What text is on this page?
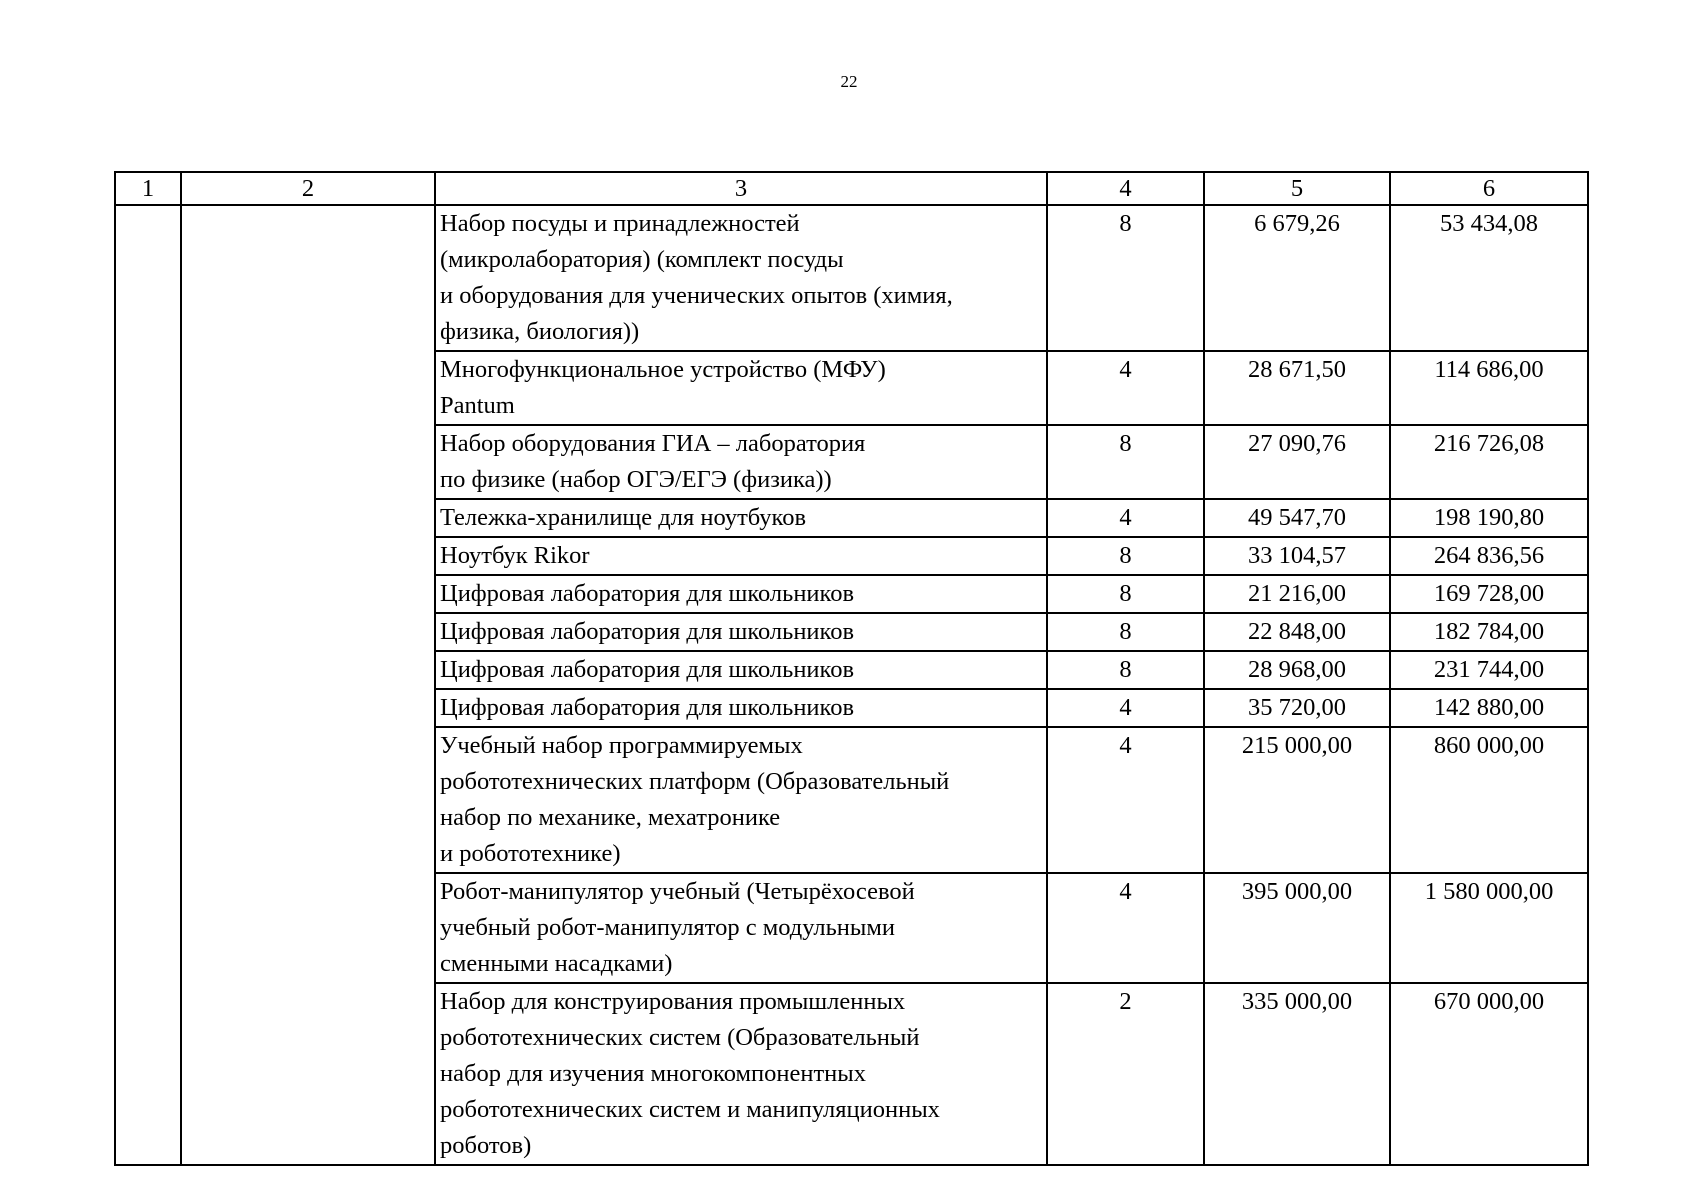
22
1	2	3	4	5	6

		Набор посуды и принадлежностей
(микролаборатория) (комплект посуды
и оборудования для ученических опытов (химия,
физика, биология))	8	6 679,26	53 434,08

		Многофункциональное устройство (МФУ)
Pantum	4	28 671,50	114 686,00

		Набор оборудования ГИА – лаборатория
по физике (набор ОГЭ/ЕГЭ (физика))	8	27 090,76	216 726,08

		Тележка-хранилище для ноутбуков	4	49 547,70	198 190,80

		Ноутбук Rikor	8	33 104,57	264 836,56

		Цифровая лаборатория для школьников	8	21 216,00	169 728,00

		Цифровая лаборатория для школьников	8	22 848,00	182 784,00

		Цифровая лаборатория для школьников	8	28 968,00	231 744,00

		Цифровая лаборатория для школьников	4	35 720,00	142 880,00

		Учебный набор программируемых
робототехнических платформ (Образовательный
набор по механике, мехатронике
и робототехнике)	4	215 000,00	860 000,00

		Робот-манипулятор учебный (Четырёхосевой
учебный робот-манипулятор с модульными
сменными насадками)	4	395 000,00	1 580 000,00

		Набор для конструирования промышленных
робототехнических систем (Образовательный
набор для изучения многокомпонентных
робототехнических систем и манипуляционных
роботов)	2	335 000,00	670 000,00
